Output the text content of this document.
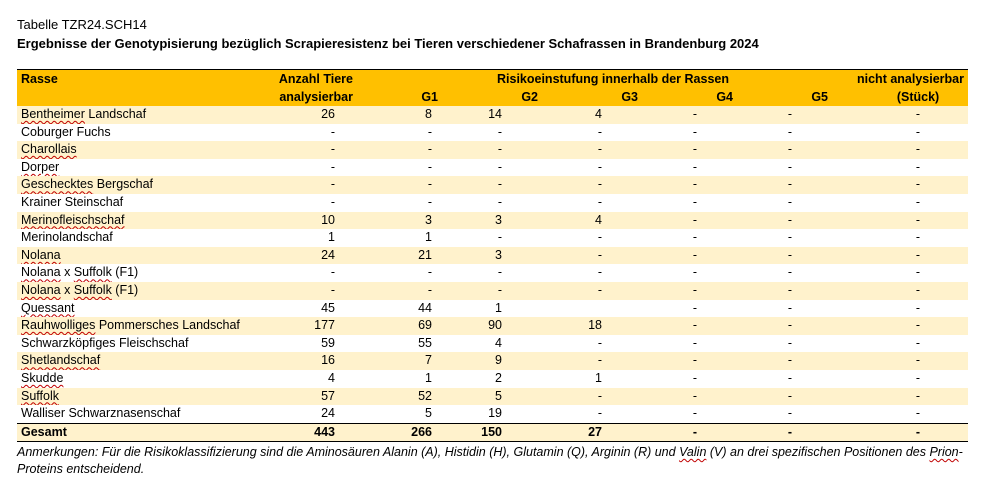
Tabelle TZR24.SCH14
Ergebnisse der Genotypisierung bezüglich Scrapieresistenz bei Tieren verschiedener Schafrassen in Brandenburg 2024
Rasse	Anzahl Tiere		Risikoeinstufung innerhalb der Rassen				nicht analysierbar
	analysierbar	G1	G2	G3	G4	G5	(Stück)
Bentheimer Landschaf	26	8	14	4	-	-	-
Coburger Fuchs	-	-	-	-	-	-	-
Charollais	-	-	-	-	-	-	-
Dorper	-	-	-	-	-	-	-
Geschecktes Bergschaf	-	-	-	-	-	-	-
Krainer Steinschaf	-	-	-	-	-	-	-
Merinofleischschaf	10	3	3	4	-	-	-
Merinolandschaf	1	1	-	-	-	-	-
Nolana	24	21	3	-	-	-	-
Nolana x Suffolk (F1)	-	-	-	-	-	-	-
Nolana x Suffolk (F1)	-	-	-	-	-	-	-
Quessant	45	44	1		-	-	-
Rauhwolliges Pommersches Landschaf	177	69	90	18	-	-	-
Schwarzköpfiges Fleischschaf	59	55	4	-	-	-	-
Shetlandschaf	16	7	9	-	-	-	-
Skudde	4	1	2	1	-	-	-
Suffolk	57	52	5	-	-	-	-
Walliser Schwarznasenschaf	24	5	19	-	-	-	-
Gesamt	443	266	150	27	-	-	-
Anmerkungen: Für die Risikoklassifizierung sind die Aminosäuren Alanin (A), Histidin (H), Glutamin (Q), Arginin (R) und Valin (V) an drei spezifischen Positionen des Prion-Proteins entscheidend.
